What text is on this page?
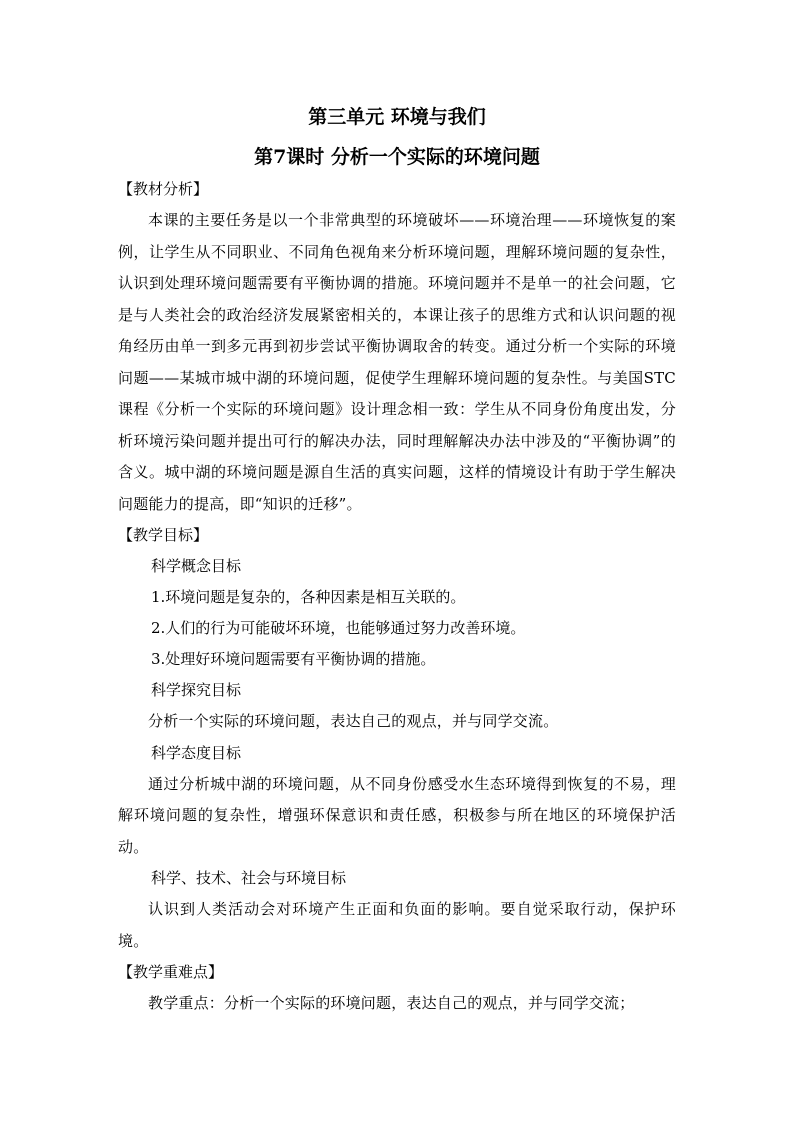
第三单元 环境与我们
第7课时 分析一个实际的环境问题

【教材分析】

本课的主要任务是以一个非常典型的环境破坏——环境治理——环境恢复的案例，让学生从不同职业、不同角色视角来分析环境问题，理解环境问题的复杂性，认识到处理环境问题需要有平衡协调的措施。环境问题并不是单一的社会问题，它是与人类社会的政治经济发展紧密相关的，本课让孩子的思维方式和认识问题的视角经历由单一到多元再到初步尝试平衡协调取舍的转变。通过分析一个实际的环境问题——某城市城中湖的环境问题，促使学生理解环境问题的复杂性。与美国STC课程《分析一个实际的环境问题》设计理念相一致：学生从不同身份角度出发，分析环境污染问题并提出可行的解决办法，同时理解解决办法中涉及的“平衡协调”的含义。城中湖的环境问题是源自生活的真实问题，这样的情境设计有助于学生解决问题能力的提高，即“知识的迁移”。

【教学目标】

科学概念目标

1.环境问题是复杂的，各种因素是相互关联的。

2.人们的行为可能破坏环境，也能够通过努力改善环境。

3.处理好环境问题需要有平衡协调的措施。

科学探究目标

分析一个实际的环境问题，表达自己的观点，并与同学交流。

科学态度目标

通过分析城中湖的环境问题，从不同身份感受水生态环境得到恢复的不易，理解环境问题的复杂性，增强环保意识和责任感，积极参与所在地区的环境保护活动。

科学、技术、社会与环境目标

认识到人类活动会对环境产生正面和负面的影响。要自觉采取行动，保护环境。

【教学重难点】

教学重点：分析一个实际的环境问题，表达自己的观点，并与同学交流；
